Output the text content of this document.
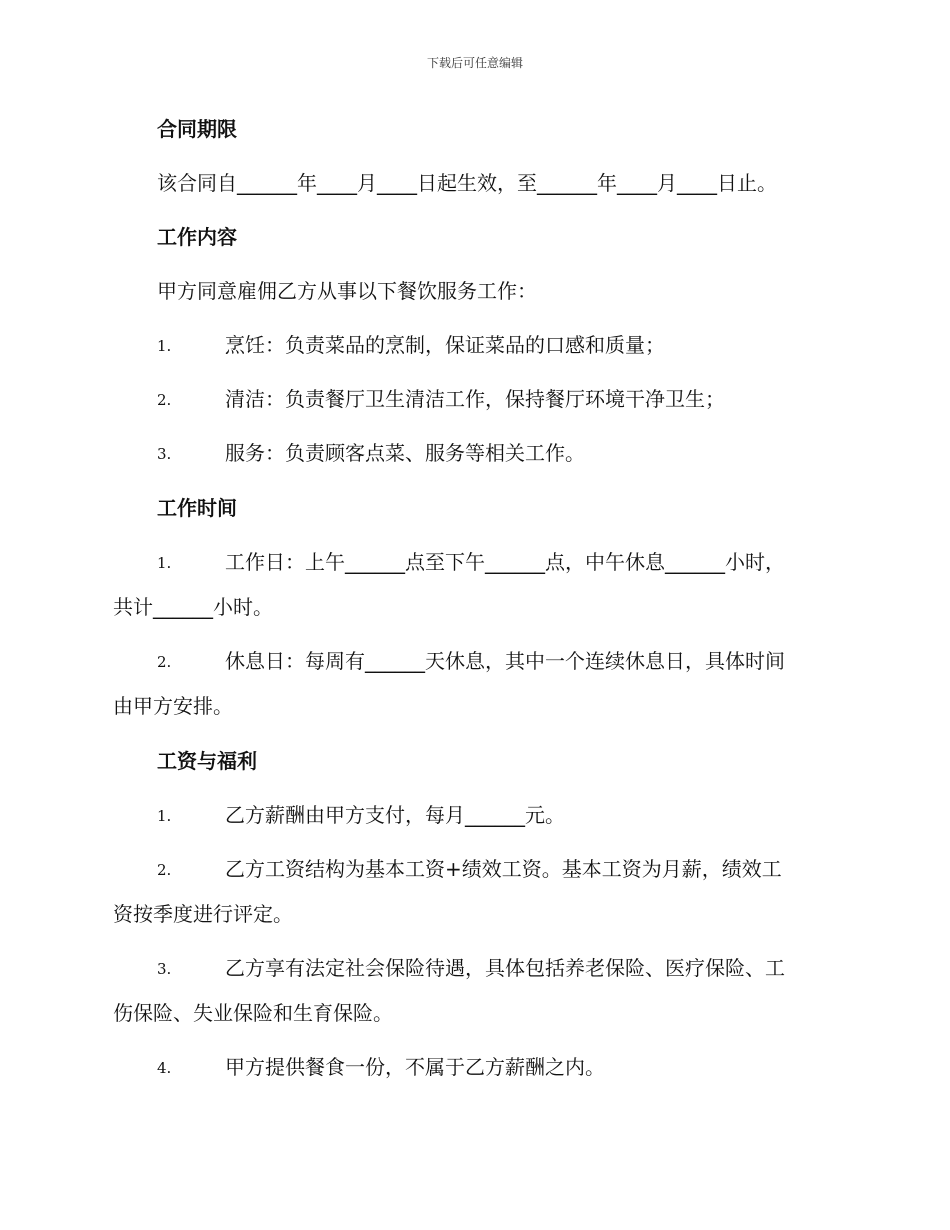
下载后可任意编辑
合同期限
该合同自______年____月____日起生效，至______年____月____日止。
工作内容
甲方同意雇佣乙方从事以下餐饮服务工作：
1.	烹饪：负责菜品的烹制，保证菜品的口感和质量；
2.	清洁：负责餐厅卫生清洁工作，保持餐厅环境干净卫生；
3.	服务：负责顾客点菜、服务等相关工作。
工作时间
1.	工作日：上午______点至下午______点，中午休息______小时，
共计______小时。
2.	休息日：每周有______天休息，其中一个连续休息日，具体时间
由甲方安排。
工资与福利
1.	乙方薪酬由甲方支付，每月______元。
2.	乙方工资结构为基本工资+绩效工资。基本工资为月薪，绩效工
资按季度进行评定。
3.	乙方享有法定社会保险待遇，具体包括养老保险、医疗保险、工
伤保险、失业保险和生育保险。
4.	甲方提供餐食一份，不属于乙方薪酬之内。
